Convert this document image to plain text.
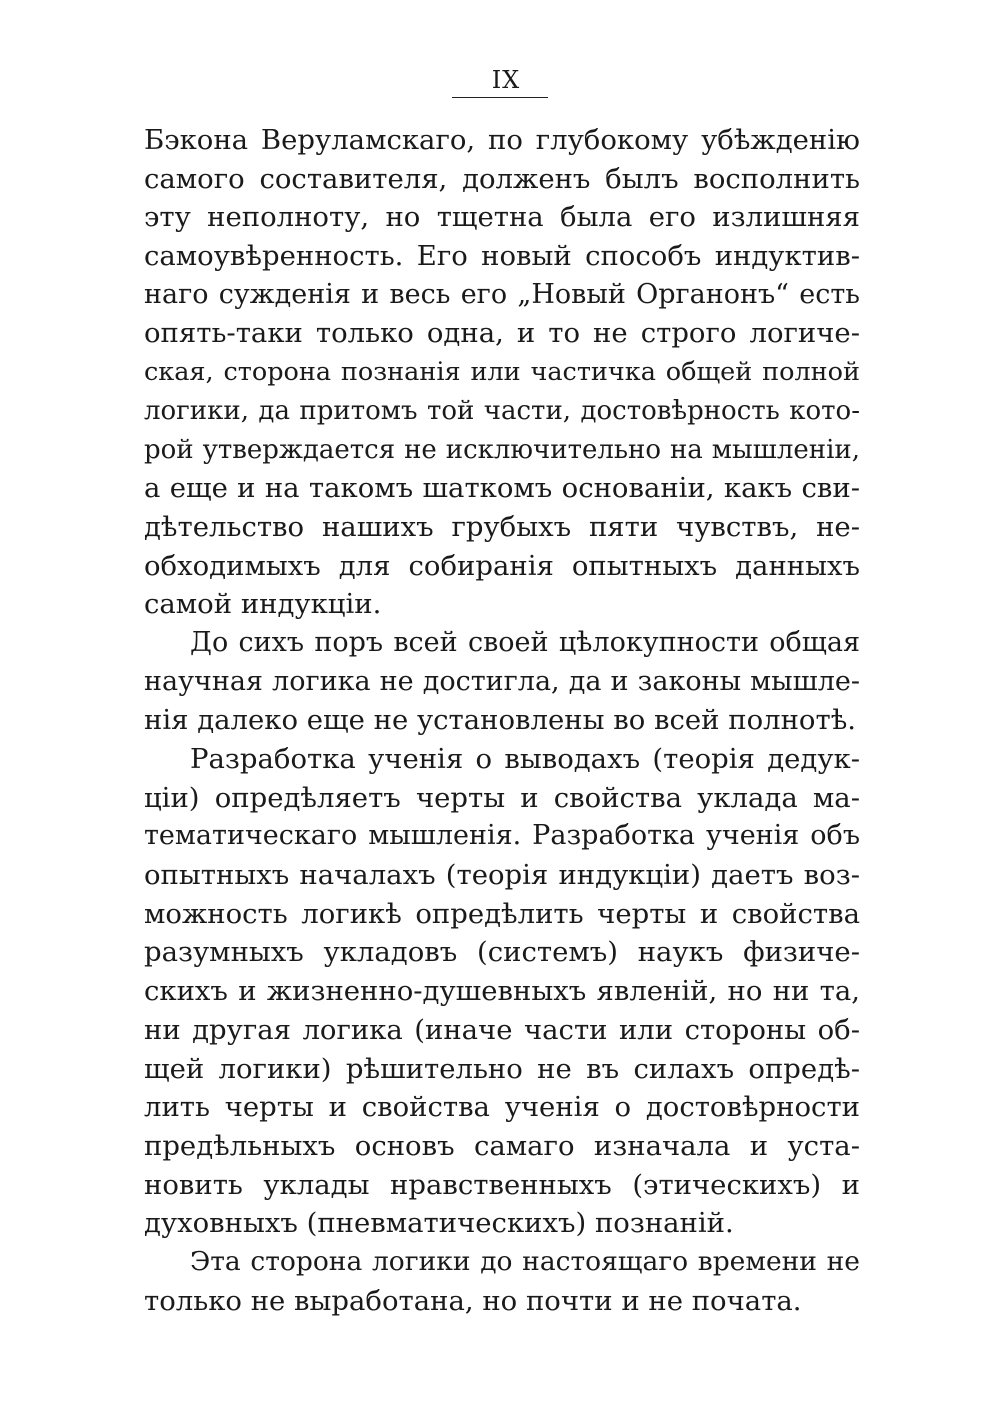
IX
Бэкона Веруламскаго, по глубокому убѣжденію
самого составителя, долженъ былъ восполнить
эту неполноту, но тщетна была его излишняя
самоувѣренность. Его новый способъ индуктив-
наго сужденія и весь его „Новый Органонъ“ есть
опять-таки только одна, и то не строго логиче-
ская, сторона познанія или частичка общей полной
логики, да притомъ той части, достовѣрность кото-
рой утверждается не исключительно на мышленіи,
а еще и на такомъ шаткомъ основаніи, какъ сви-
дѣтельство нашихъ грубыхъ пяти чувствъ, не-
обходимыхъ для собиранія опытныхъ данныхъ
самой индукціи.
До сихъ поръ всей своей цѣлокупности общая
научная логика не достигла, да и законы мышле-
нія далеко еще не установлены во всей полнотѣ.
Разработка ученія о выводахъ (теорія дедук-
ціи) опредѣляетъ черты и свойства уклада ма-
тематическаго мышленія. Разработка ученія объ
опытныхъ началахъ (теорія индукціи) даетъ воз-
можность логикѣ опредѣлить черты и свойства
разумныхъ укладовъ (системъ) наукъ физиче-
скихъ и жизненно-душевныхъ явленій, но ни та,
ни другая логика (иначе части или стороны об-
щей логики) рѣшительно не въ силахъ опредѣ-
лить черты и свойства ученія о достовѣрности
предѣльныхъ основъ самаго изначала и уста-
новить уклады нравственныхъ (этическихъ) и
духовныхъ (пневматическихъ) познаній.
Эта сторона логики до настоящаго времени не
только не выработана, но почти и не почата.
